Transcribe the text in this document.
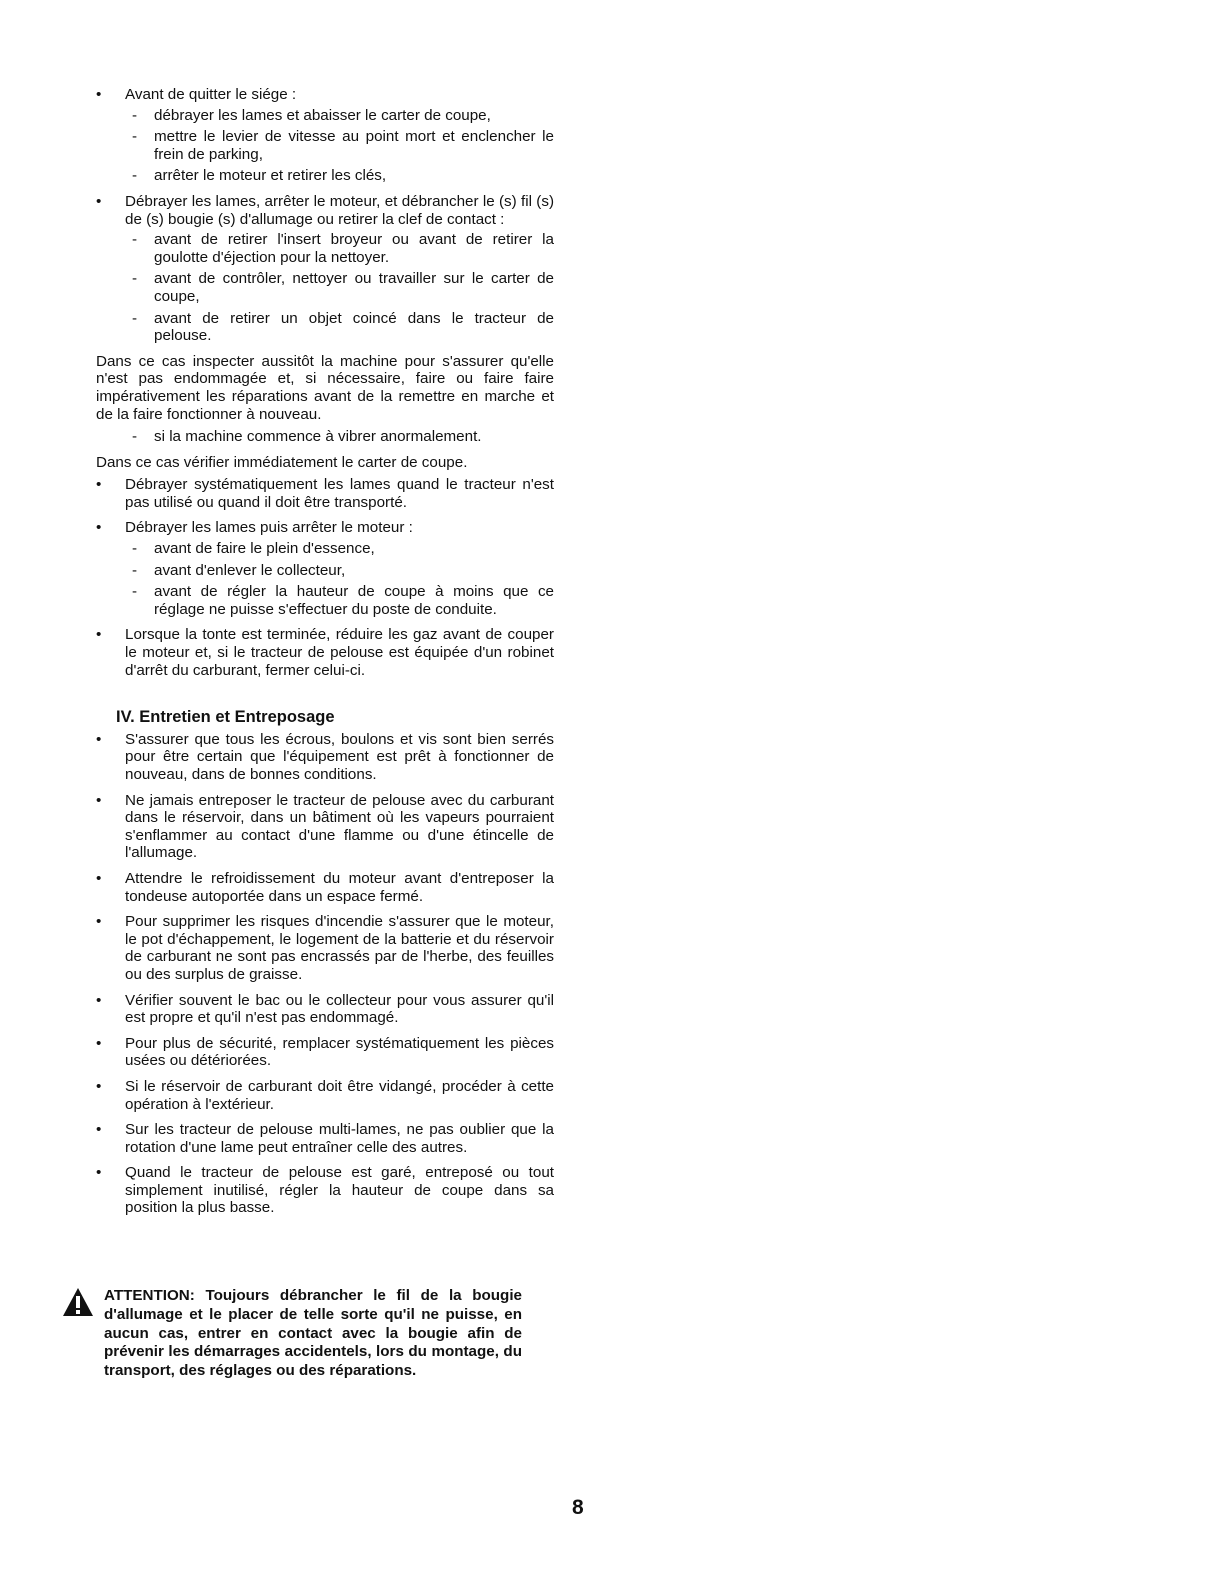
• Avant de quitter le siége :
- débrayer les lames et abaisser le carter de coupe,
- mettre le levier de vitesse au point mort et enclencher le frein de parking,
- arrêter le moteur et retirer les clés,
• Débrayer les lames, arrêter le moteur, et débrancher le (s) fil (s) de (s) bougie (s) d'allumage ou retirer la clef de contact :
- avant de retirer l'insert broyeur ou avant de retirer la goulotte d'éjection pour la nettoyer.
- avant de contrôler, nettoyer ou travailler sur le carter de coupe,
- avant de retirer un objet coincé dans le tracteur de pelouse.
Dans ce cas inspecter aussitôt la machine pour s'assurer qu'elle n'est pas endommagée et, si nécessaire, faire ou faire faire impérativement les réparations avant de la remettre en marche et de la faire fonctionner à nouveau.
- si la machine commence à vibrer anormalement.
Dans ce cas vérifier immédiatement le carter de coupe.
• Débrayer systématiquement les lames quand le tracteur n'est pas utilisé ou quand il doit être transporté.
• Débrayer les lames puis arrêter le moteur :
- avant de faire le plein d'essence,
- avant d'enlever le collecteur,
- avant de régler la hauteur de coupe à moins que ce réglage ne puisse s'effectuer du poste de conduite.
• Lorsque la tonte est terminée, réduire les gaz avant de couper le moteur et, si le tracteur de pelouse est équipée d'un robinet d'arrêt du carburant, fermer celui-ci.
IV. Entretien et Entreposage
• S'assurer que tous les écrous, boulons et vis sont bien serrés pour être certain que l'équipement est prêt à fonctionner de nouveau, dans de bonnes conditions.
• Ne jamais entreposer le tracteur de pelouse avec du carburant dans le réservoir, dans un bâtiment où les vapeurs pourraient s'enflammer au contact d'une flamme ou d'une étincelle de l'allumage.
• Attendre le refroidissement du moteur avant d'entreposer la tondeuse autoportée dans un espace fermé.
• Pour supprimer les risques d'incendie s'assurer que le moteur, le pot d'échappement, le logement de la batterie et du réservoir de carburant ne sont pas encrassés par de l'herbe, des feuilles ou des surplus de graisse.
• Vérifier souvent le bac ou le collecteur pour vous assurer qu'il est propre et qu'il n'est pas endommagé.
• Pour plus de sécurité, remplacer systématiquement les pièces usées ou détériorées.
• Si le réservoir de carburant doit être vidangé, procéder à cette opération à l'extérieur.
• Sur les tracteur de pelouse multi-lames, ne pas oublier que la rotation d'une lame peut entraîner celle des autres.
• Quand le tracteur de pelouse est garé, entreposé ou tout simplement inutilisé, régler la hauteur de coupe dans sa position la plus basse.
ATTENTION: Toujours débrancher le fil de la bougie d'allumage et le placer de telle sorte qu'il ne puisse, en aucun cas, entrer en contact avec la bougie afin de prévenir les démarrages accidentels, lors du montage, du transport, des réglages ou des réparations.
8
